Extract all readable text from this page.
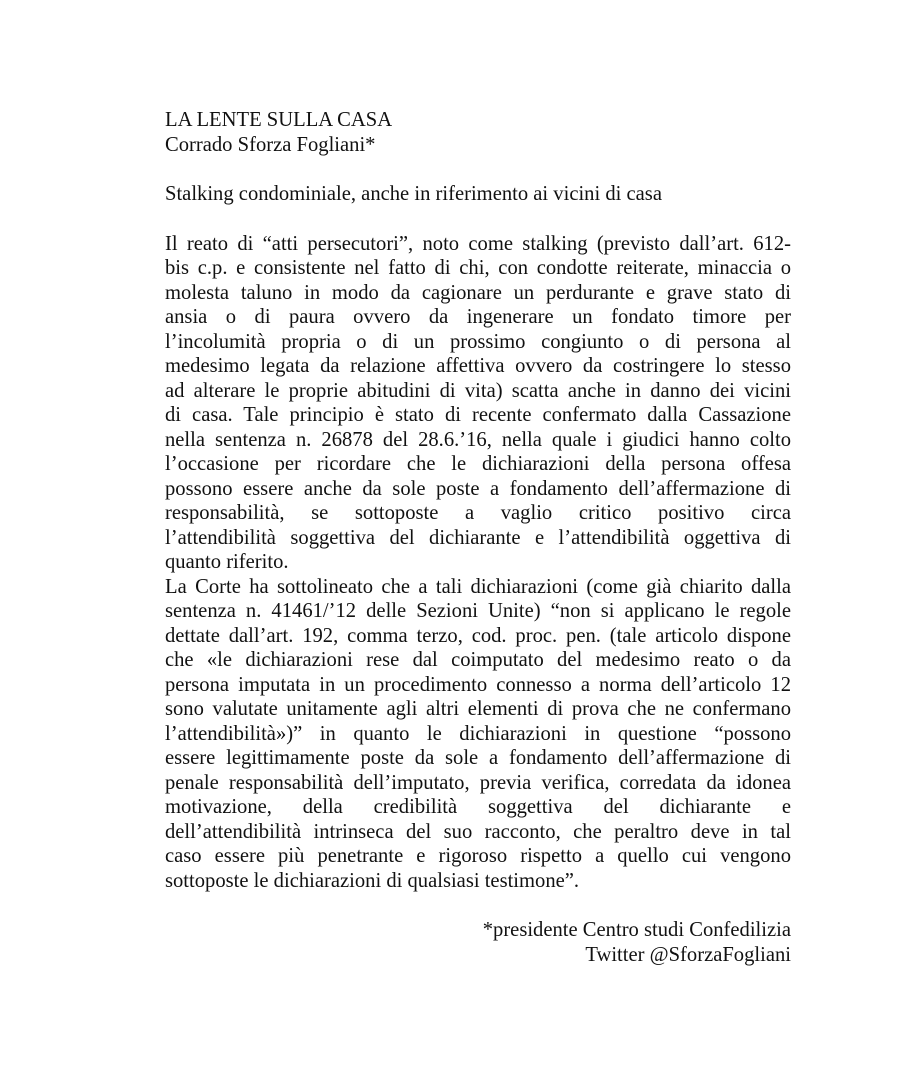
LA LENTE SULLA CASA

Corrado Sforza Fogliani*

Stalking condominiale, anche in riferimento ai vicini di casa

Il reato di “atti persecutori”, noto come stalking (previsto dall’art. 612-
bis c.p. e consistente nel fatto di chi, con condotte reiterate, minaccia o
molesta taluno in modo da cagionare un perdurante e grave stato di
ansia o di paura ovvero da ingenerare un fondato timore per
l’incolumità propria o di un prossimo congiunto o di persona al
medesimo legata da relazione affettiva ovvero da costringere lo stesso
ad alterare le proprie abitudini di vita) scatta anche in danno dei vicini
di casa. Tale principio è stato di recente confermato dalla Cassazione
nella sentenza n. 26878 del 28.6.’16, nella quale i giudici hanno colto
l’occasione per ricordare che le dichiarazioni della persona offesa
possono essere anche da sole poste a fondamento dell’affermazione di
responsabilità, se sottoposte a vaglio critico positivo circa
l’attendibilità soggettiva del dichiarante e l’attendibilità oggettiva di
quanto riferito.

La Corte ha sottolineato che a tali dichiarazioni (come già chiarito dalla
sentenza n. 41461/’12 delle Sezioni Unite) “non si applicano le regole
dettate dall’art. 192, comma terzo, cod. proc. pen. (tale articolo dispone
che «le dichiarazioni rese dal coimputato del medesimo reato o da
persona imputata in un procedimento connesso a norma dell’articolo 12
sono valutate unitamente agli altri elementi di prova che ne confermano
l’attendibilità»)” in quanto le dichiarazioni in questione “possono
essere legittimamente poste da sole a fondamento dell’affermazione di
penale responsabilità dell’imputato, previa verifica, corredata da idonea
motivazione, della credibilità soggettiva del dichiarante e
dell’attendibilità intrinseca del suo racconto, che peraltro deve in tal
caso essere più penetrante e rigoroso rispetto a quello cui vengono
sottoposte le dichiarazioni di qualsiasi testimone”.

*presidente Centro studi Confedilizia
Twitter @SforzaFogliani
